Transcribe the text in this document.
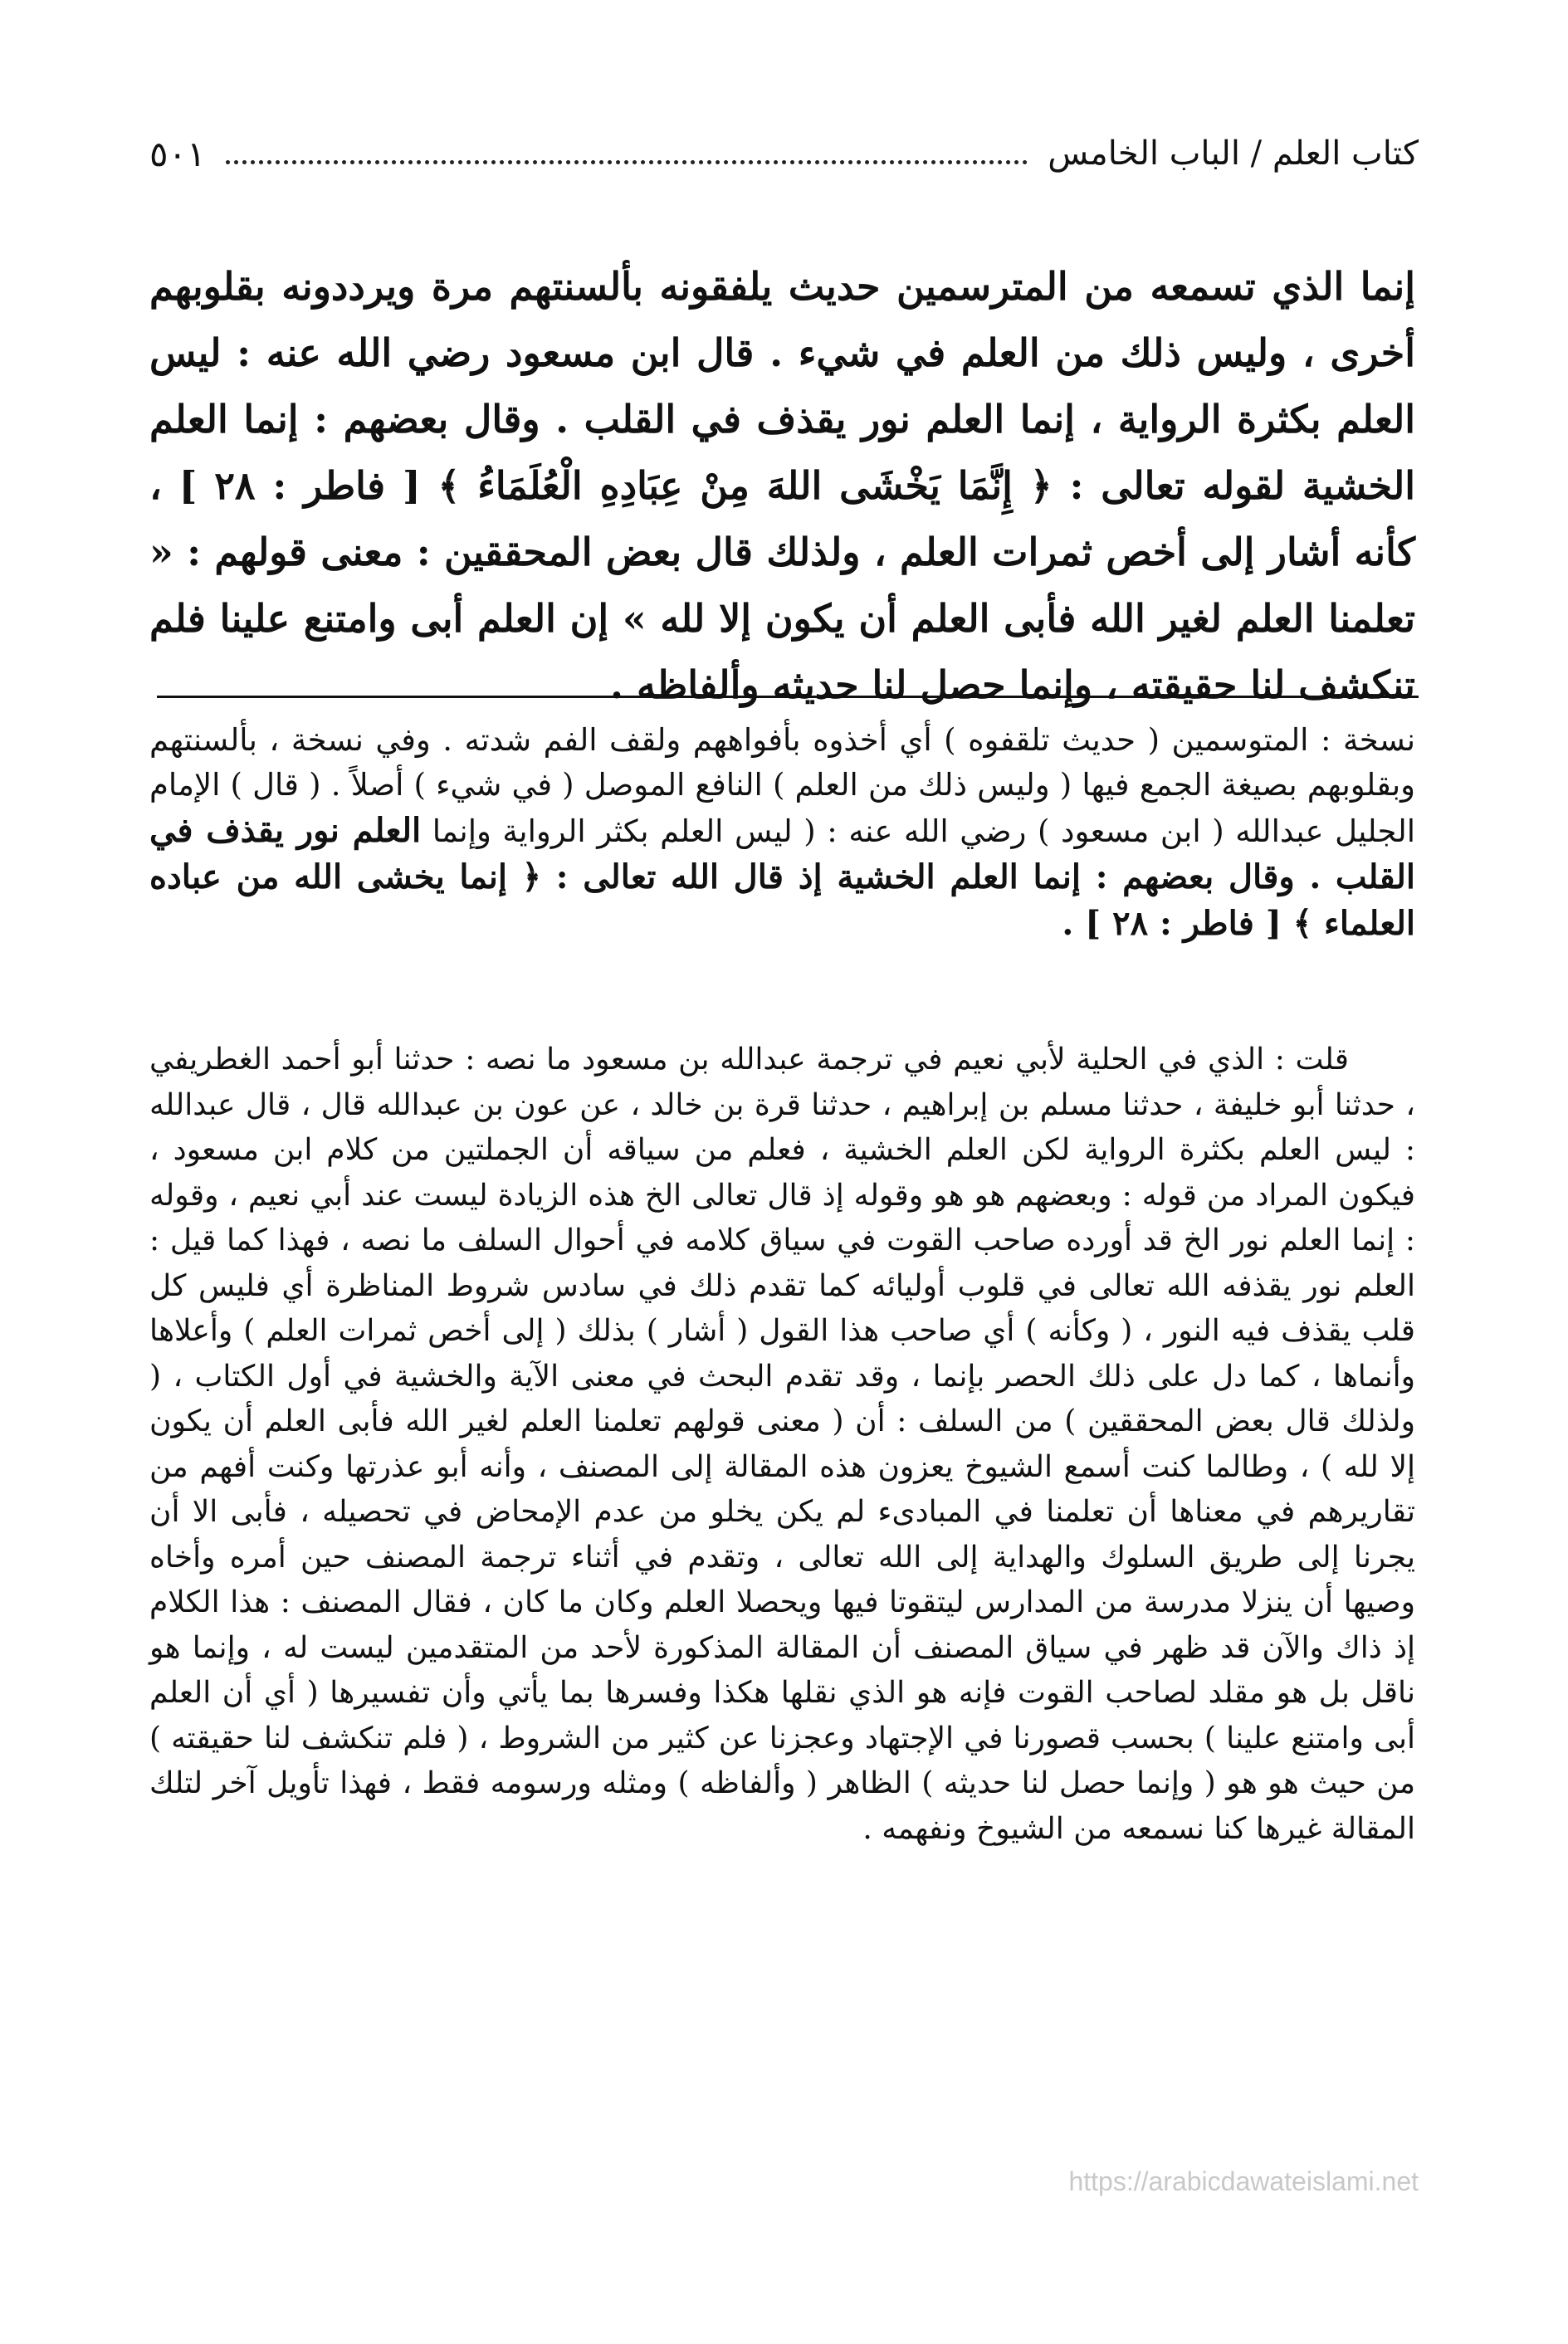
كتاب العلم / الباب الخامس
٥٠١

إنما الذي تسمعه من المترسمين حديث يلفقونه بألسنتهم مرة ويرددونه بقلوبهم أخرى ، وليس ذلك من العلم في شيء . قال ابن مسعود رضي الله عنه : ليس العلم بكثرة الرواية ، إنما العلم نور يقذف في القلب . وقال بعضهم : إنما العلم الخشية لقوله تعالى : ﴿ إِنَّمَا يَخْشَى اللهَ مِنْ عِبَادِهِ الْعُلَمَاءُ ﴾ [ فاطر : ٢٨ ] ، كأنه أشار إلى أخص ثمرات العلم ، ولذلك قال بعض المحققين : معنى قولهم : « تعلمنا العلم لغير الله فأبى العلم أن يكون إلا لله » إن العلم أبى وامتنع علينا فلم تنكشف لنا حقيقته ، وإنما حصل لنا حديثه وألفاظه .

نسخة : المتوسمين ( حديث تلقفوه ) أي أخذوه بأفواههم ولقف الفم شدته . وفي نسخة ، بألسنتهم وبقلوبهم بصيغة الجمع فيها ( وليس ذلك من العلم ) النافع الموصل ( في شيء ) أصلاً . ( قال ) الإمام الجليل عبدالله ( ابن مسعود ) رضي الله عنه : ( ليس العلم بكثر الرواية وإنما العلم نور يقذف في القلب . وقال بعضهم : إنما العلم الخشية إذ قال الله تعالى : ﴿ إنما يخشى الله من عباده العلماء ﴾ [ فاطر : ٢٨ ] .

قلت : الذي في الحلية لأبي نعيم في ترجمة عبدالله بن مسعود ما نصه : حدثنا أبو أحمد الغطريفي ، حدثنا أبو خليفة ، حدثنا مسلم بن إبراهيم ، حدثنا قرة بن خالد ، عن عون بن عبدالله قال ، قال عبدالله : ليس العلم بكثرة الرواية لكن العلم الخشية ، فعلم من سياقه أن الجملتين من كلام ابن مسعود ، فيكون المراد من قوله : وبعضهم هو هو وقوله إذ قال تعالى الخ هذه الزيادة ليست عند أبي نعيم ، وقوله : إنما العلم نور الخ قد أورده صاحب القوت في سياق كلامه في أحوال السلف ما نصه ، فهذا كما قيل : العلم نور يقذفه الله تعالى في قلوب أوليائه كما تقدم ذلك في سادس شروط المناظرة أي فليس كل قلب يقذف فيه النور ، ( وكأنه ) أي صاحب هذا القول ( أشار ) بذلك ( إلى أخص ثمرات العلم ) وأعلاها وأنماها ، كما دل على ذلك الحصر بإنما ، وقد تقدم البحث في معنى الآية والخشية في أول الكتاب ، ( ولذلك قال بعض المحققين ) من السلف : أن ( معنى قولهم تعلمنا العلم لغير الله فأبى العلم أن يكون إلا لله ) ، وطالما كنت أسمع الشيوخ يعزون هذه المقالة إلى المصنف ، وأنه أبو عذرتها وكنت أفهم من تقاريرهم في معناها أن تعلمنا في المبادىء لم يكن يخلو من عدم الإمحاض في تحصيله ، فأبى الا أن يجرنا إلى طريق السلوك والهداية إلى الله تعالى ، وتقدم في أثناء ترجمة المصنف حين أمره وأخاه وصيها أن ينزلا مدرسة من المدارس ليتقوتا فيها ويحصلا العلم وكان ما كان ، فقال المصنف : هذا الكلام إذ ذاك والآن قد ظهر في سياق المصنف أن المقالة المذكورة لأحد من المتقدمين ليست له ، وإنما هو ناقل بل هو مقلد لصاحب القوت فإنه هو الذي نقلها هكذا وفسرها بما يأتي وأن تفسيرها ( أي أن العلم أبى وامتنع علينا ) بحسب قصورنا في الإجتهاد وعجزنا عن كثير من الشروط ، ( فلم تنكشف لنا حقيقته ) من حيث هو هو ( وإنما حصل لنا حديثه ) الظاهر ( وألفاظه ) ومثله ورسومه فقط ، فهذا تأويل آخر لتلك المقالة غيرها كنا نسمعه من الشيوخ ونفهمه .

https://arabicdawateislami.net
